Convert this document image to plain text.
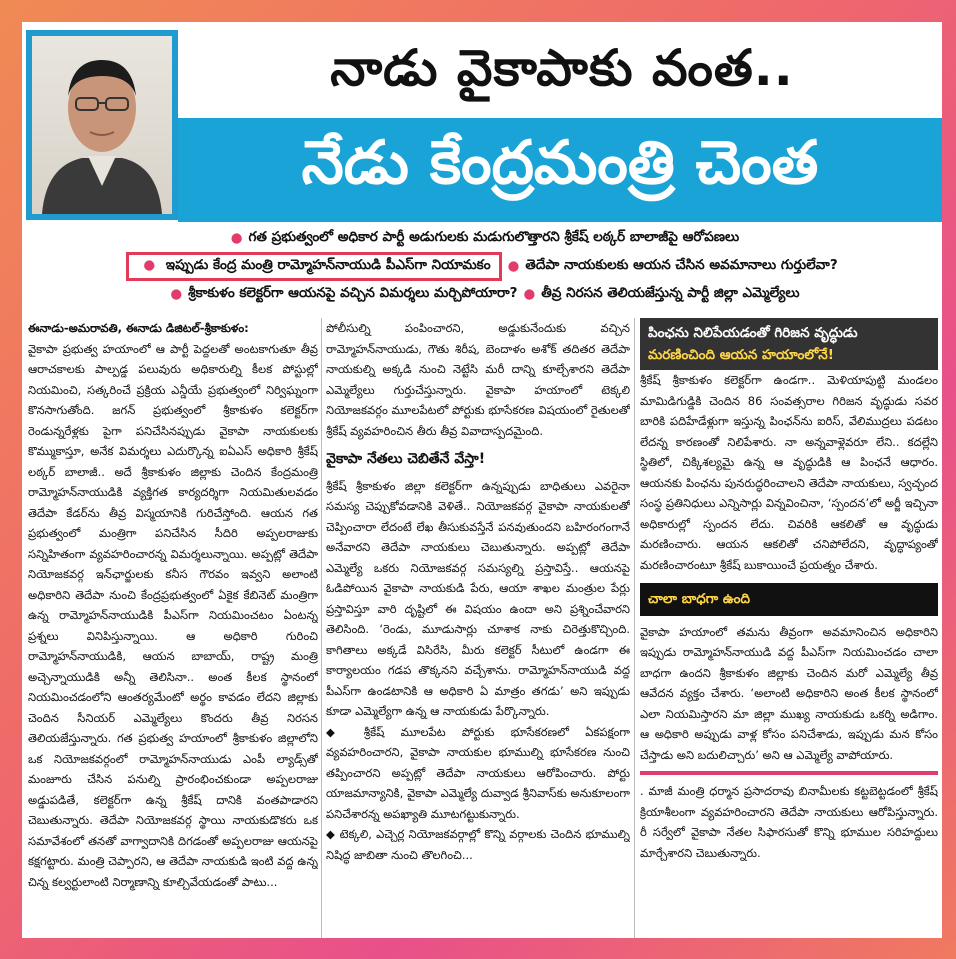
నాడు వైకాపాకు వంత..
నేడు కేంద్రమంత్రి చెంత
● గత ప్రభుత్వంలో అధికార పార్టీ అడుగులకు మడుగులొత్తారని శ్రీకేష్ లఠ్కర్ బాలాజీపై ఆరోపణలు
● ఇప్పుడు కేంద్ర మంత్రి రామ్మోహన్‌నాయుడి పీఎస్‌గా నియామకం	● తెదేపా నాయకులకు ఆయన చేసిన అవమానాలు గుర్తులేవా?
● శ్రీకాకుళం కలెక్టర్‌గా ఆయనపై వచ్చిన విమర్శలు మర్చిపోయారా? ● తీవ్ర నిరసన తెలియజేస్తున్న పార్టీ జిల్లా ఎమ్మెల్యేలు

ఈనాడు-అమరావతి, ఈనాడు డిజిటల్-శ్రీకాకుళం:

వైకాపా ప్రభుత్వ హయాంలో ఆ పార్టీ పెద్దలతో అంటకాగుతూ తీవ్ర ఆరాచకాలకు పాల్పడ్డ పలువురు అధికారుల్ని కీలక పోస్టుల్లో నియమించి, సత్కరించే ప్రక్రియ ఎన్డీయే ప్రభుత్వంలో నిర్విఘ్నంగా కొనసాగుతోంది. జగన్ ప్రభుత్వంలో శ్రీకాకుళం కలెక్టర్‌గా రెండున్నరేళ్లకు పైగా పనిచేసినప్పుడు వైకాపా నాయకులకు కొమ్ముకాస్తూ, అనేక విమర్శలు ఎదుర్కొన్న ఐఏఎస్ అధికారి శ్రీకేష్ లఠ్కర్ బాలాజీ.. అదే శ్రీకాకుళం జిల్లాకు చెందిన కేంద్రమంత్రి రామ్మోహన్‌నాయుడికి వ్యక్తిగత కార్యదర్శిగా నియమితులవడం తెదేపా కేడర్‌ను తీవ్ర విస్మయానికి గురిచేస్తోంది. ఆయన గత ప్రభుత్వంలో మంత్రిగా పనిచేసిన సీదిరి అప్పలరాజుకు సన్నిహితంగా వ్యవహరించారన్న విమర్శలున్నాయి. అప్పట్లో తెదేపా నియోజకవర్గ ఇన్‌ఛార్జులకు కనీస గౌరవం ఇవ్వని అలాంటి అధికారిని తెదేపా నుంచి కేంద్రప్రభుత్వంలో ఏకైక కేబినెట్ మంత్రిగా ఉన్న రామ్మోహన్‌నాయుడికి పీఎస్‌గా నియమించటం ఏంటన్న ప్రశ్నలు వినిపిస్తున్నాయి. ఆ అధికారి గురించి రామ్మోహన్‌నాయుడికి, ఆయన బాబాయ్, రాష్ట్ర మంత్రి అచ్చెన్నాయుడికి అన్నీ తెలిసినా.. అంత కీలక స్థానంలో నియమించడంలోని ఆంతర్యమేంటో అర్థం కావడం లేదని జిల్లాకు చెందిన సీనియర్ ఎమ్మెల్యేలు కొందరు తీవ్ర నిరసన తెలియజేస్తున్నారు. గత ప్రభుత్వ హయాంలో శ్రీకాకుళం జిల్లాలోని ఒక నియోజకవర్గంలో రామ్మోహన్‌నాయుడు ఎంపీ ల్యాడ్స్‌తో మంజూరు చేసిన పనుల్ని ప్రారంభించకుండా అప్పలరాజు అడ్డుపడితే, కలెక్టర్‌గా ఉన్న శ్రీకేష్ దానికి వంతపాడారని చెబుతున్నారు. తెదేపా నియోజకవర్గ స్థాయి నాయకుడొకరు ఒక సమావేశంలో తనతో వాగ్వాదానికి దిగడంతో అప్పలరాజు ఆయనపై కక్షగట్టారు. మంత్రి చెప్పారని, ఆ తెదేపా నాయకుడి ఇంటి వద్ద ఉన్న చిన్న కల్వర్టులాంటి నిర్మాణాన్ని కూల్చివేయడంతో పాటు...

పోలీసుల్ని పంపించారని, అడ్డుకునేందుకు వచ్చిన రామ్మోహన్‌నాయుడు, గౌతు శిరీష, బెందాళం అశోక్ తదితర తెదేపా నాయకుల్ని అక్కడి నుంచి నెట్టేసి మరీ దాన్ని కూల్చేశారని తెదేపా ఎమ్మెల్యేలు గుర్తుచేస్తున్నారు. వైకాపా హయాంలో టెక్కలి నియోజకవర్గం మూలపేటలో పోర్టుకు భూసేకరణ విషయంలో రైతులతో శ్రీకేష్ వ్యవహరించిన తీరు తీవ్ర వివాదాస్పదమైంది.

వైకాపా నేతలు చెబితేనే వేస్తా!

శ్రీకేష్ శ్రీకాకుళం జిల్లా కలెక్టర్‌గా ఉన్నప్పుడు బాధితులు ఎవరైనా సమస్య చెప్పుకోవడానికి వెళితే.. నియోజకవర్గ వైకాపా నాయకులతో చెప్పించారా లేదంటే లేఖ తీసుకువస్తేనే పనవుతుందని బహిరంగంగానే అనేవారని తెదేపా నాయకులు చెబుతున్నారు. అప్పట్లో తెదేపా ఎమ్మెల్యే ఒకరు నియోజకవర్గ సమస్యల్ని ప్రస్తావిస్తే.. ఆయనపై ఓడిపోయిన వైకాపా నాయకుడి పేరు, ఆయా శాఖల మంత్రుల పేర్లు ప్రస్తావిస్తూ వారి దృష్టిలో ఈ విషయం ఉందా అని ప్రశ్నించేవారని తెలిసింది. ‘రెండు, మూడుసార్లు చూశాక నాకు చిరెత్తుకొచ్చింది. కాగితాలు అక్కడే విసిరేసి, మీరు కలెక్టర్ సీటులో ఉండగా ఈ కార్యాలయం గడప తొక్కనని వచ్చేశాను. రామ్మోహన్‌నాయుడి వద్ద పీఎస్‌గా ఉండటానికి ఆ అధికారి ఏ మాత్రం తగడు’ అని ఇప్పుడు కూడా ఎమ్మెల్యేగా ఉన్న ఆ నాయకుడు పేర్కొన్నారు.

◆ శ్రీకేష్ మూలపేట పోర్టుకు భూసేకరణలో ఏకపక్షంగా వ్యవహరించారని, వైకాపా నాయకుల భూముల్ని భూసేకరణ నుంచి తప్పించారని అప్పట్లో తెదేపా నాయకులు ఆరోపించారు. పోర్టు యాజమాన్యానికి, వైకాపా ఎమ్మెల్యే దువ్వాడ శ్రీనివాస్‌కు అనుకూలంగా పనిచేశారన్న అపఖ్యాతి మూటగట్టుకున్నారు.

◆ టెక్కలి, ఎచ్చెర్ల నియోజకవర్గాల్లో కొన్ని వర్గాలకు చెందిన భూముల్ని నిషిద్ధ జాబితా నుంచి తొలగించి...

పింఛను నిలిపేయడంతో గిరిజన వృద్ధుడు
మరణించింది ఆయన హయాంలోనే!

శ్రీకేష్ శ్రీకాకుళం కలెక్టర్‌గా ఉండగా.. మెళియాపుట్టి మండలం మామిడిగుడ్డికి చెందిన 86 సంవత్సరాల గిరిజన వృద్ధుడు సవర బారికి పదిహేడేళ్లుగా ఇస్తున్న పింఛన్‌ను ఐరిస్, వేలిముద్రలు పడటం లేదన్న కారణంతో నిలిపేశారు. నా అన్నవాళ్లెవరూ లేని.. కదల్లేని స్థితిలో, చిక్కిశల్యమై ఉన్న ఆ వృద్ధుడికి ఆ పింఛనే ఆధారం. ఆయనకు పింఛను పునరుద్ధరించాలని తెదేపా నాయకులు, స్వచ్ఛంద సంస్థ ప్రతినిధులు ఎన్నిసార్లు విన్నవించినా, ‘స్పందన’లో అర్జీ ఇచ్చినా అధికారుల్లో స్పందన లేదు. చివరికి ఆకలితో ఆ వృద్ధుడు మరణించారు. ఆయన ఆకలితో చనిపోలేదని, వృద్ధాప్యంతో మరణించారంటూ శ్రీకేష్ బుకాయించే ప్రయత్నం చేశారు.

చాలా బాధగా ఉంది

వైకాపా హయాంలో తమను తీవ్రంగా అవమానించిన అధికారిని ఇప్పుడు రామ్మోహన్‌నాయుడి వద్ద పీఎస్‌గా నియమించడం చాలా బాధగా ఉందని శ్రీకాకుళం జిల్లాకు చెందిన మరో ఎమ్మెల్యే తీవ్ర ఆవేదన వ్యక్తం చేశారు. ‘అలాంటి అధికారిని అంత కీలక స్థానంలో ఎలా నియమిస్తారని మా జిల్లా ముఖ్య నాయకుడు ఒకర్ని అడిగాం. ఆ అధికారి అప్పుడు వాళ్ల కోసం పనిచేశాడు, ఇప్పుడు మన కోసం చేస్తాడు అని బదులిచ్చారు’ అని ఆ ఎమ్మెల్యే వాపోయారు.

. మాజీ మంత్రి ధర్మాన ప్రసాదరావు బినామీలకు కట్టబెట్టడంలో శ్రీకేష్ క్రియాశీలంగా వ్యవహరించారని తెదేపా నాయకులు ఆరోపిస్తున్నారు. రీ సర్వేలో వైకాపా నేతల సిఫారసుతో కొన్ని భూముల సరిహద్దులు మార్చేశారని చెబుతున్నారు.
